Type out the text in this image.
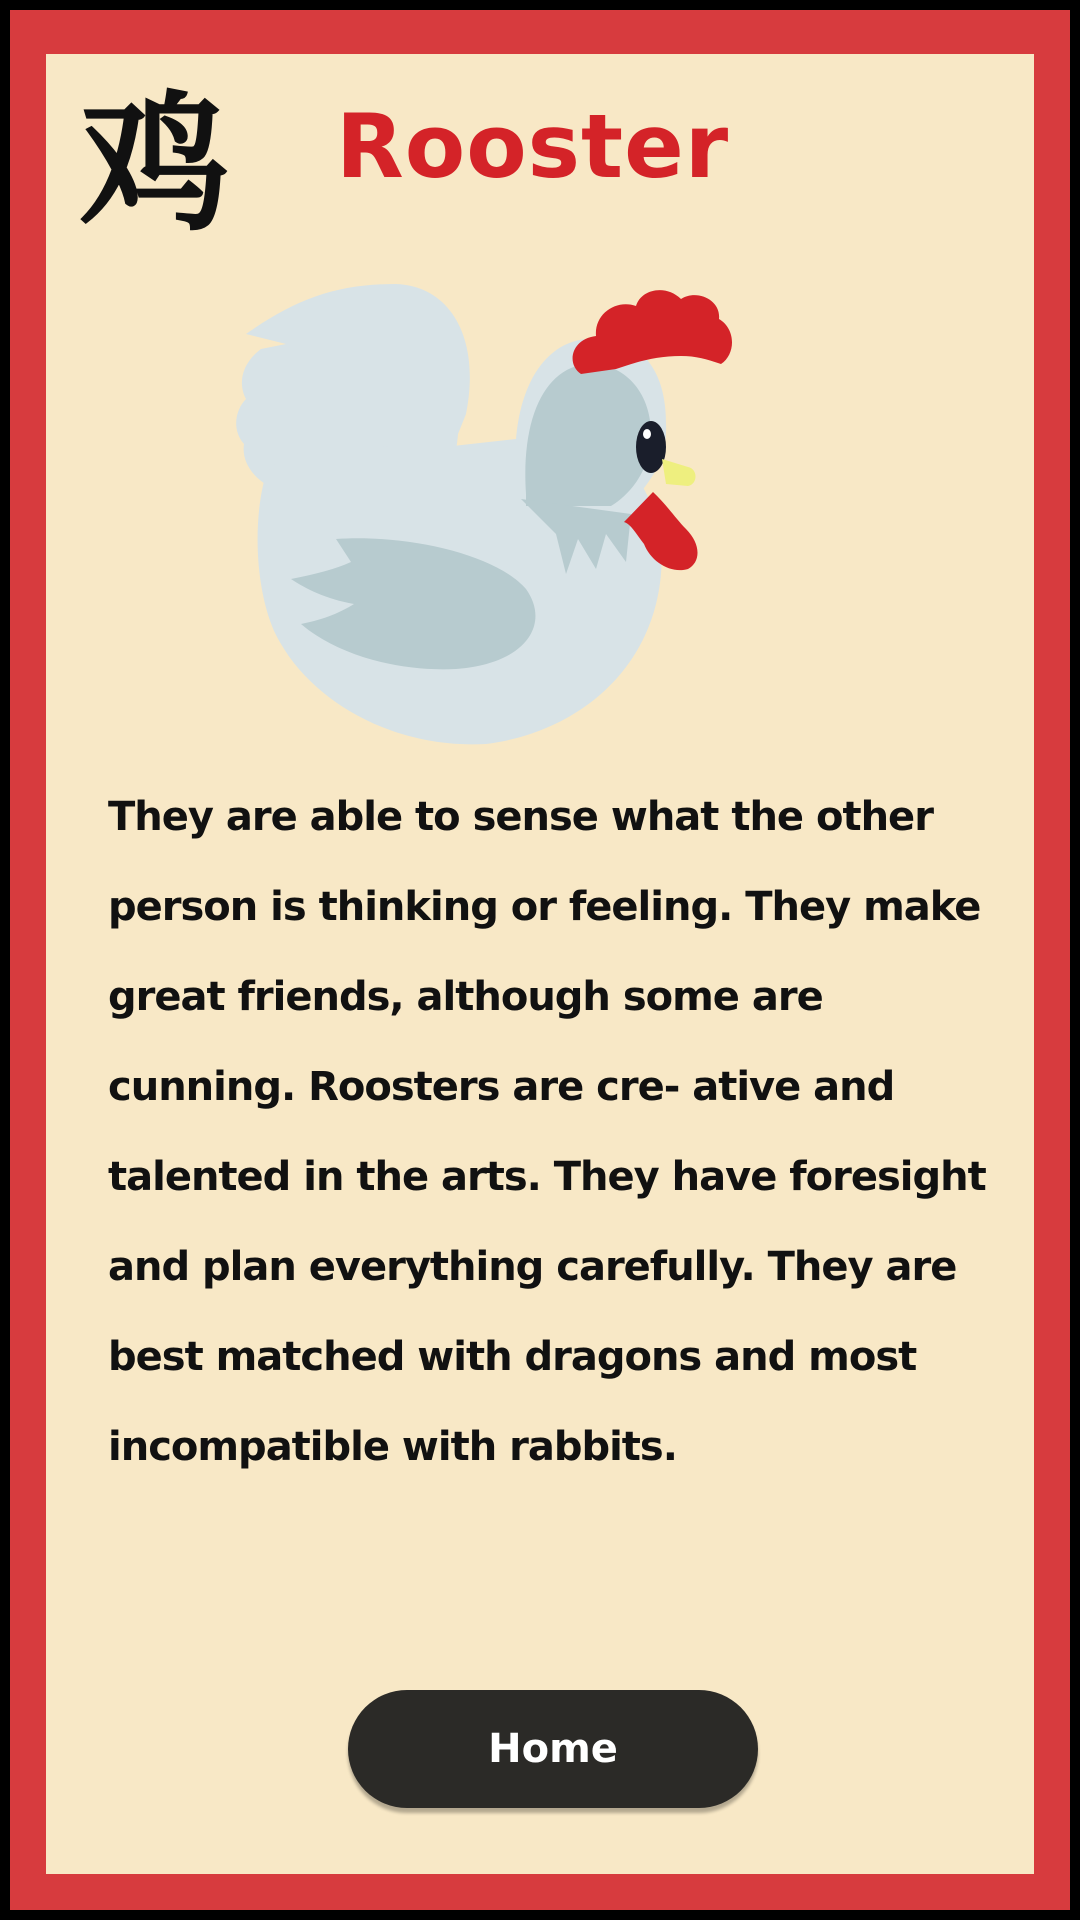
鸡	Rooster

They are able to sense what the other person is thinking or feeling. They make great friends, although some are cunning. Roosters are cre- ative and talented in the arts. They have foresight and plan everything carefully. They are best matched with dragons and most incompatible with rabbits.

Home
